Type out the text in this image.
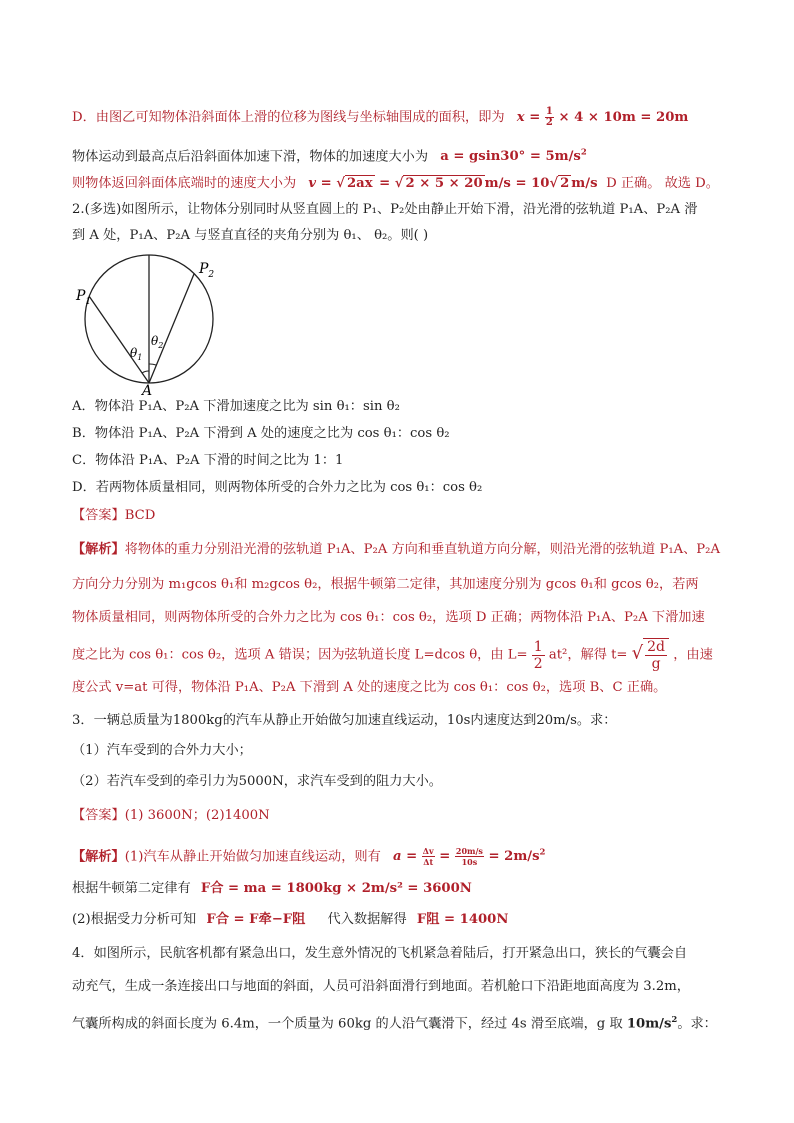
D．由图乙可知物体沿斜面体上滑的位移为图线与坐标轴围成的面积，即为 $x = \frac{1}{2} \times 4 \times 10m = 20m$
物体运动到最高点后沿斜面体加速下滑，物体的加速度大小为 $a = gsin30^\circ = 5m/s^2$
则物体返回斜面体底端时的速度大小为 v = √ 2ax = √ 2 × 5 × 20 m/s = 10√ 2 m/s D 正确。 故选 D。
2.(多选)如图所示，让物体分别同时从竖直圆上的 P₁、P₂处由静止开始下滑，沿光滑的弦轨道 P₁A、P₂A 滑
到 A 处，P₁A、P₂A 与竖直直径的夹角分别为 θ₁、 θ₂。则( )
$P_1$
$P_2$
$\theta_1$
$\theta_2$
A
A．物体沿 P₁A、P₂A 下滑加速度之比为 sin θ₁：sin θ₂
B．物体沿 P₁A、P₂A 下滑到 A 处的速度之比为 cos θ₁：cos θ₂
C．物体沿 P₁A、P₂A 下滑的时间之比为 1：1
D．若两物体质量相同，则两物体所受的合外力之比为 cos θ₁：cos θ₂
【答案】BCD
【解析】将物体的重力分别沿光滑的弦轨道 P₁A、P₂A 方向和垂直轨道方向分解，则沿光滑的弦轨道 P₁A、P₂A
方向分力分别为 m₁gcos θ₁和 m₂gcos θ₂，根据牛顿第二定律，其加速度分别为 gcos θ₁和 gcos θ₂，若两
物体质量相同，则两物体所受的合外力之比为 cos θ₁：cos θ₂，选项 D 正确；两物体沿 P₁A、P₂A 下滑加速
度之比为 cos θ₁：cos θ₂，选项 A 错误；因为弦轨道长度 L=dcos θ，由 $L= \frac{1}{2} at^2$，解得 t= √ $\frac{2d}{g}$ ，由速
度公式 v=at 可得，物体沿 P₁A、P₂A 下滑到 A 处的速度之比为 cos θ₁：cos θ₂，选项 B、C 正确。
3．一辆总质量为1800kg的汽车从静止开始做匀加速直线运动，10s内速度达到20m/s。求：
（1）汽车受到的合外力大小；
（2）若汽车受到的牵引力为5000N，求汽车受到的阻力大小。
【答案】(1) 3600N；(2)1400N
【解析】(1)汽车从静止开始做匀加速直线运动，则有 $a = \frac{\Delta v}{\Delta t} = \frac{20m/s}{10s} = 2m/s^2$
根据牛顿第二定律有 F合 = ma = 1800kg × 2m/s² = 3600N
(2)根据受力分析可知 F合 = F牵−F阻 代入数据解得 F阻 = 1400N
4．如图所示，民航客机都有紧急出口，发生意外情况的飞机紧急着陆后，打开紧急出口，狭长的气囊会自
动充气，生成一条连接出口与地面的斜面，人员可沿斜面滑行到地面。若机舱口下沿距地面高度为 3.2m，
气囊所构成的斜面长度为 6.4m，一个质量为 60kg 的人沿气囊滑下，经过 4s 滑至底端，g 取 $10m/s^2$。求：
